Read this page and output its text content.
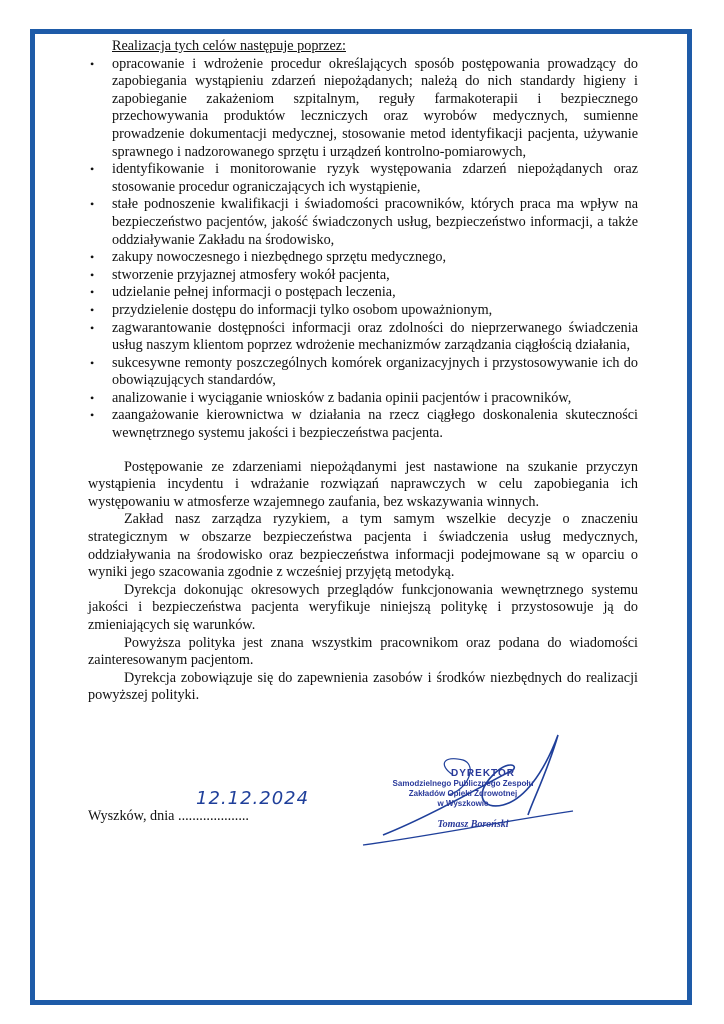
Realizacja tych celów następuje poprzez:

• opracowanie i wdrożenie procedur określających sposób postępowania prowadzący do zapobiegania wystąpieniu zdarzeń niepożądanych; należą do nich standardy higieny i zapobieganie zakażeniom szpitalnym, reguły farmakoterapii i bezpiecznego przechowywania produktów leczniczych oraz wyrobów medycznych, sumienne prowadzenie dokumentacji medycznej, stosowanie metod identyfikacji pacjenta, używanie sprawnego i nadzorowanego sprzętu i urządzeń kontrolno-pomiarowych,
• identyfikowanie i monitorowanie ryzyk występowania zdarzeń niepożądanych oraz stosowanie procedur ograniczających ich wystąpienie,
• stałe podnoszenie kwalifikacji i świadomości pracowników, których praca ma wpływ na bezpieczeństwo pacjentów, jakość świadczonych usług, bezpieczeństwo informacji, a także oddziaływanie Zakładu na środowisko,
• zakupy nowoczesnego i niezbędnego sprzętu medycznego,
• stworzenie przyjaznej atmosfery wokół pacjenta,
• udzielanie pełnej informacji o postępach leczenia,
• przydzielenie dostępu do informacji tylko osobom upoważnionym,
• zagwarantowanie dostępności informacji oraz zdolności do nieprzerwanego świadczenia usług naszym klientom poprzez wdrożenie mechanizmów zarządzania ciągłością działania,
• sukcesywne remonty poszczególnych komórek organizacyjnych i przystosowywanie ich do obowiązujących standardów,
• analizowanie i wyciąganie wniosków z badania opinii pacjentów i pracowników,
• zaangażowanie kierownictwa w działania na rzecz ciągłego doskonalenia skuteczności wewnętrznego systemu jakości i bezpieczeństwa pacjenta.

Postępowanie ze zdarzeniami niepożądanymi jest nastawione na szukanie przyczyn wystąpienia incydentu i wdrażanie rozwiązań naprawczych w celu zapobiegania ich występowaniu w atmosferze wzajemnego zaufania, bez wskazywania winnych.

Zakład nasz zarządza ryzykiem, a tym samym wszelkie decyzje o znaczeniu strategicznym w obszarze bezpieczeństwa pacjenta i świadczenia usług medycznych, oddziaływania na środowisko oraz bezpieczeństwa informacji podejmowane są w oparciu o wyniki jego szacowania zgodnie z wcześniej przyjętą metodyką.

Dyrekcja dokonując okresowych przeglądów funkcjonowania wewnętrznego systemu jakości i bezpieczeństwa pacjenta weryfikuje niniejszą politykę i przystosowuje ją do zmieniających się warunków.

Powyższa polityka jest znana wszystkim pracownikom oraz podana do wiadomości zainteresowanym pacjentom.

Dyrekcja zobowiązuje się do zapewnienia zasobów i środków niezbędnych do realizacji powyższej polityki.

Wyszków, dnia ....................
12.12.2024
DYREKTOR
Samodzielnego Publicznego Zespołu
Zakładów Opieki Zdrowotnej
w Wyszkowie
Tomasz Boroński
